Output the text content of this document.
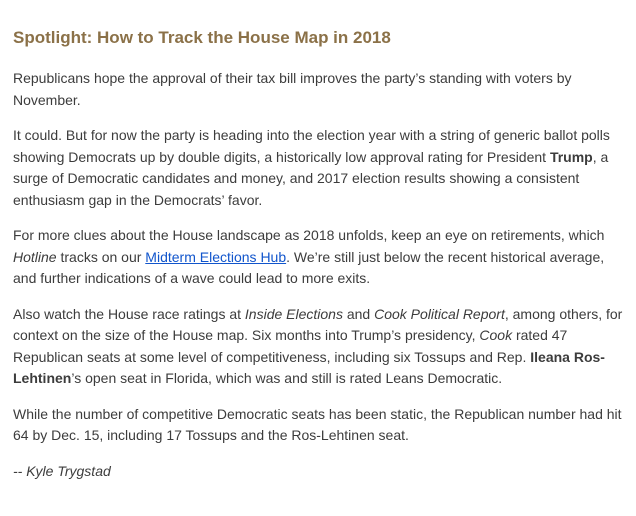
Spotlight: How to Track the House Map in 2018

Republicans hope the approval of their tax bill improves the party’s standing with voters by November.

It could. But for now the party is heading into the election year with a string of generic ballot polls showing Democrats up by double digits, a historically low approval rating for President Trump, a surge of Democratic candidates and money, and 2017 election results showing a consistent enthusiasm gap in the Democrats’ favor.

For more clues about the House landscape as 2018 unfolds, keep an eye on retirements, which Hotline tracks on our Midterm Elections Hub. We’re still just below the recent historical average, and further indications of a wave could lead to more exits.

Also watch the House race ratings at Inside Elections and Cook Political Report, among others, for context on the size of the House map. Six months into Trump’s presidency, Cook rated 47 Republican seats at some level of competitiveness, including six Tossups and Rep. Ileana Ros-Lehtinen’s open seat in Florida, which was and still is rated Leans Democratic.

While the number of competitive Democratic seats has been static, the Republican number had hit 64 by Dec. 15, including 17 Tossups and the Ros-Lehtinen seat.

-- Kyle Trygstad
